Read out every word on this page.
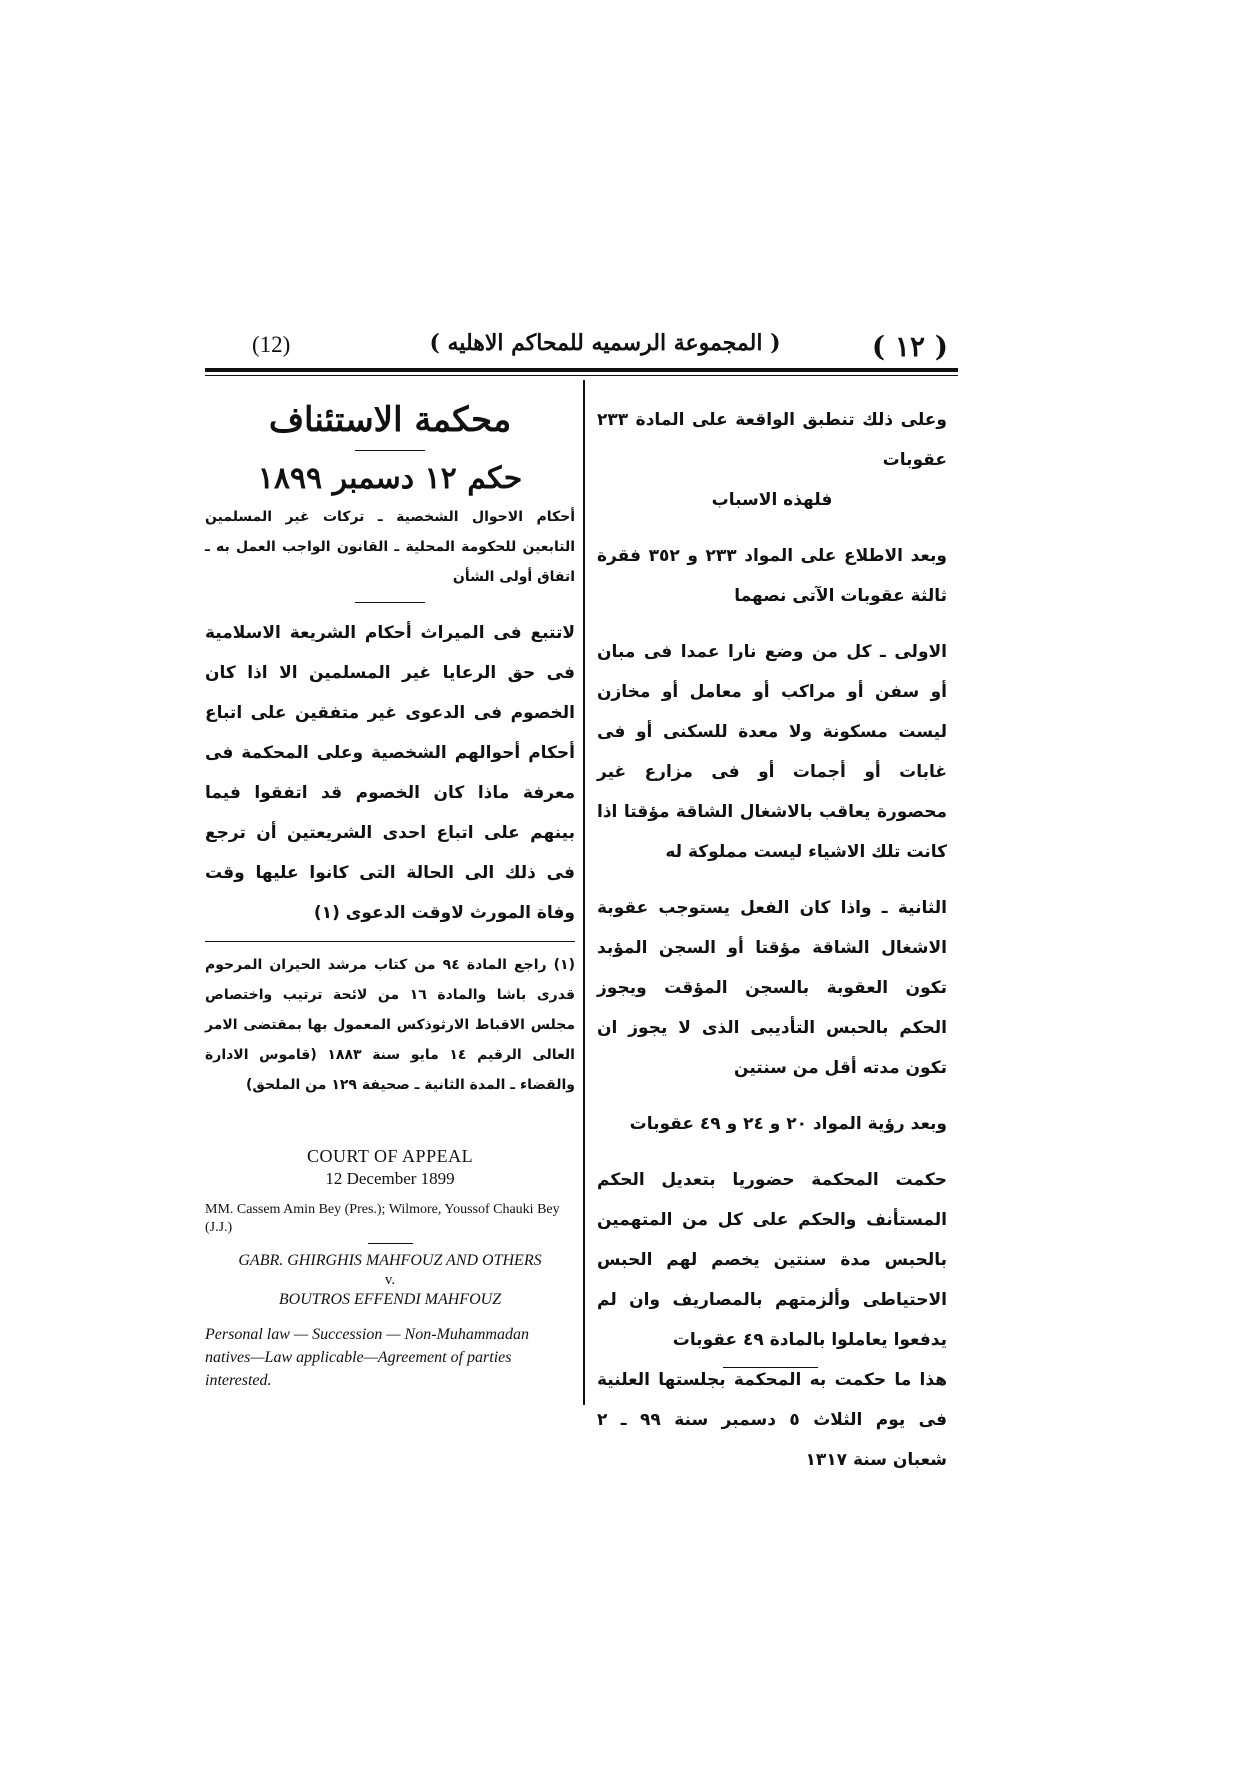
(12)	( المجموعة الرسميه للمحاكم الاهليه )	( ١٢ )

وعلى ذلك تنطبق الواقعة على المادة ٢٣٣ عقوبات

فلهذه الاسباب

وبعد الاطلاع على المواد ٢٣٣ و ٣٥٢ فقرة ثالثة عقوبات الآتى نصهما

الاولى ـ كل من وضع نارا عمدا فى مبان أو سفن أو مراكب أو معامل أو مخازن ليست مسكونة ولا معدة للسكنى أو فى غابات أو أجمات أو فى مزارع غير محصورة يعاقب بالاشغال الشاقة مؤقتا اذا كانت تلك الاشياء ليست مملوكة له

الثانية ـ واذا كان الفعل يستوجب عقوبة الاشغال الشاقة مؤقتا أو السجن المؤبد تكون العقوبة بالسجن المؤقت ويجوز الحكم بالحبس التأديبى الذى لا يجوز ان تكون مدته أقل من سنتين

وبعد رؤية المواد ٢٠ و ٢٤ و ٤٩ عقوبات

حكمت المحكمة حضوريا بتعديل الحكم المستأنف والحكم على كل من المتهمين بالحبس مدة سنتين يخصم لهم الحبس الاحتياطى وألزمتهم بالمصاريف وان لم يدفعوا يعاملوا بالمادة ٤٩ عقوبات

هذا ما حكمت به المحكمة بجلستها العلنية فى يوم الثلاث ٥ دسمبر سنة ٩٩ ـ ٢ شعبان سنة ١٣١٧

محكمة الاستئناف

حكم ١٢ دسمبر ١٨٩٩

أحكام الاحوال الشخصية ـ تركات غير المسلمين التابعين للحكومة المحلية ـ القانون الواجب العمل به ـ اتفاق أولى الشأن

لاتتبع فى الميراث أحكام الشريعة الاسلامية فى حق الرعايا غير المسلمين الا اذا كان الخصوم فى الدعوى غير متفقين على اتباع أحكام أحوالهم الشخصية وعلى المحكمة فى معرفة ماذا كان الخصوم قد اتفقوا فيما بينهم على اتباع احدى الشريعتين أن ترجع فى ذلك الى الحالة التى كانوا عليها وقت وفاة المورث لاوقت الدعوى (١)

(١) راجع المادة ٩٤ من كتاب مرشد الحيران المرحوم قدرى باشا والمادة ١٦ من لائحة ترتيب واختصاص مجلس الاقباط الارثوذكس المعمول بها بمقتضى الامر العالى الرقيم ١٤ مايو سنة ١٨٨٣ (قاموس الادارة والقضاء ـ المدة الثانية ـ صحيفة ١٢٩ من الملحق)

COURT OF APPEAL

12 December 1899

MM. Cassem Amin Bey (Pres.); Wilmore, Youssof Chauki Bey (J.J.)

GABR. GHIRGHIS MAHFOUZ AND OTHERS

v.

BOUTROS EFFENDI MAHFOUZ

Personal law — Succession — Non-Muhammadan natives—Law applicable—Agreement of parties interested.
